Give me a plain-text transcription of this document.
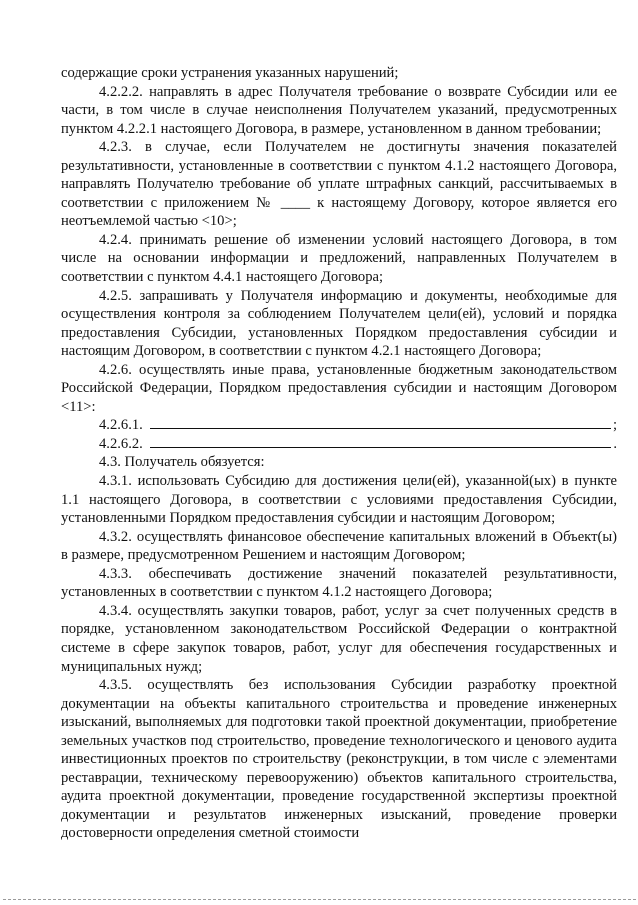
содержащие сроки устранения указанных нарушений;

4.2.2.2. направлять в адрес Получателя требование о возврате Субсидии или ее части, в том числе в случае неисполнения Получателем указаний, предусмотренных пунктом 4.2.2.1 настоящего Договора, в размере, установленном в данном требовании;

4.2.3. в случае, если Получателем не достигнуты значения показателей результативности, установленные в соответствии с пунктом 4.1.2 настоящего Договора, направлять Получателю требование об уплате штрафных санкций, рассчитываемых в соответствии с приложением № ____ к настоящему Договору, которое является его неотъемлемой частью <10>;

4.2.4. принимать решение об изменении условий настоящего Договора, в том числе на основании информации и предложений, направленных Получателем в соответствии с пунктом 4.4.1 настоящего Договора;

4.2.5. запрашивать у Получателя информацию и документы, необходимые для осуществления контроля за соблюдением Получателем цели(ей), условий и порядка предоставления Субсидии, установленных Порядком предоставления субсидии и настоящим Договором, в соответствии с пунктом 4.2.1 настоящего Договора;

4.2.6. осуществлять иные права, установленные бюджетным законодательством Российской Федерации, Порядком предоставления субсидии и настоящим Договором <11>:

4.2.6.1.	;

4.2.6.2.	.

4.3. Получатель обязуется:

4.3.1. использовать Субсидию для достижения цели(ей), указанной(ых) в пункте 1.1 настоящего Договора, в соответствии с условиями предоставления Субсидии, установленными Порядком предоставления субсидии и настоящим Договором;

4.3.2. осуществлять финансовое обеспечение капитальных вложений в Объект(ы) в размере, предусмотренном Решением и настоящим Договором;

4.3.3. обеспечивать достижение значений показателей результативности, установленных в соответствии с пунктом 4.1.2 настоящего Договора;

4.3.4. осуществлять закупки товаров, работ, услуг за счет полученных средств в порядке, установленном законодательством Российской Федерации о контрактной системе в сфере закупок товаров, работ, услуг для обеспечения государственных и муниципальных нужд;

4.3.5. осуществлять без использования Субсидии разработку проектной документации на объекты капитального строительства и проведение инженерных изысканий, выполняемых для подготовки такой проектной документации, приобретение земельных участков под строительство, проведение технологического и ценового аудита инвестиционных проектов по строительству (реконструкции, в том числе с элементами реставрации, техническому перевооружению) объектов капитального строительства, аудита проектной документации, проведение государственной экспертизы проектной документации и результатов инженерных изысканий, проведение проверки достоверности определения сметной стоимости
